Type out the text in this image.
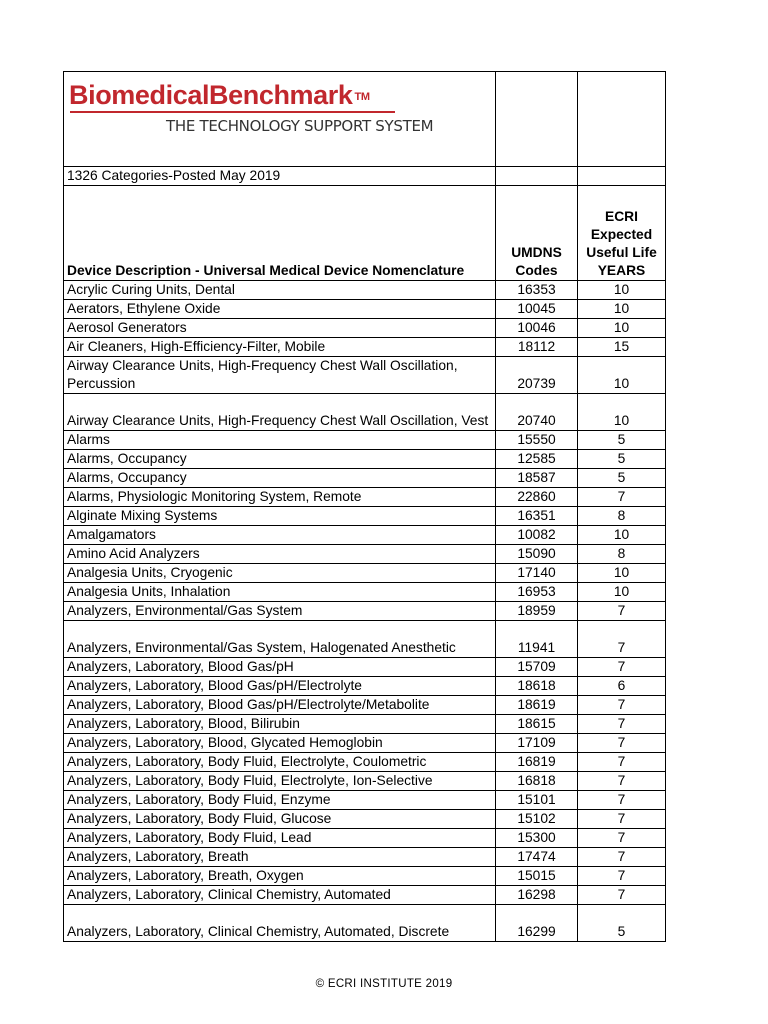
BiomedicalBenchmark ™
THE TECHNOLOGY SUPPORT SYSTEM		

1326 Categories-Posted May 2019		
Device Description - Universal Medical Device Nomenclature	UMDNS Codes	ECRI Expected Useful Life YEARS
Acrylic Curing Units, Dental	16353	10
Aerators, Ethylene Oxide	10045	10
Aerosol Generators	10046	10
Air Cleaners, High-Efficiency-Filter, Mobile	18112	15
Airway Clearance Units, High-Frequency Chest Wall Oscillation, Percussion	20739	10
Airway Clearance Units, High-Frequency Chest Wall Oscillation, Vest	20740	10
Alarms	15550	5
Alarms, Occupancy	12585	5
Alarms, Occupancy	18587	5
Alarms, Physiologic Monitoring System, Remote	22860	7
Alginate Mixing Systems	16351	8
Amalgamators	10082	10
Amino Acid Analyzers	15090	8
Analgesia Units, Cryogenic	17140	10
Analgesia Units, Inhalation	16953	10
Analyzers, Environmental/Gas System	18959	7
Analyzers, Environmental/Gas System, Halogenated Anesthetic	11941	7
Analyzers, Laboratory, Blood Gas/pH	15709	7
Analyzers, Laboratory, Blood Gas/pH/Electrolyte	18618	6
Analyzers, Laboratory, Blood Gas/pH/Electrolyte/Metabolite	18619	7
Analyzers, Laboratory, Blood, Bilirubin	18615	7
Analyzers, Laboratory, Blood, Glycated Hemoglobin	17109	7
Analyzers, Laboratory, Body Fluid, Electrolyte, Coulometric	16819	7
Analyzers, Laboratory, Body Fluid, Electrolyte, Ion-Selective	16818	7
Analyzers, Laboratory, Body Fluid, Enzyme	15101	7
Analyzers, Laboratory, Body Fluid, Glucose	15102	7
Analyzers, Laboratory, Body Fluid, Lead	15300	7
Analyzers, Laboratory, Breath	17474	7
Analyzers, Laboratory, Breath, Oxygen	15015	7
Analyzers, Laboratory, Clinical Chemistry, Automated	16298	7
Analyzers, Laboratory, Clinical Chemistry, Automated, Discrete	16299	5
© ECRI INSTITUTE 2019
